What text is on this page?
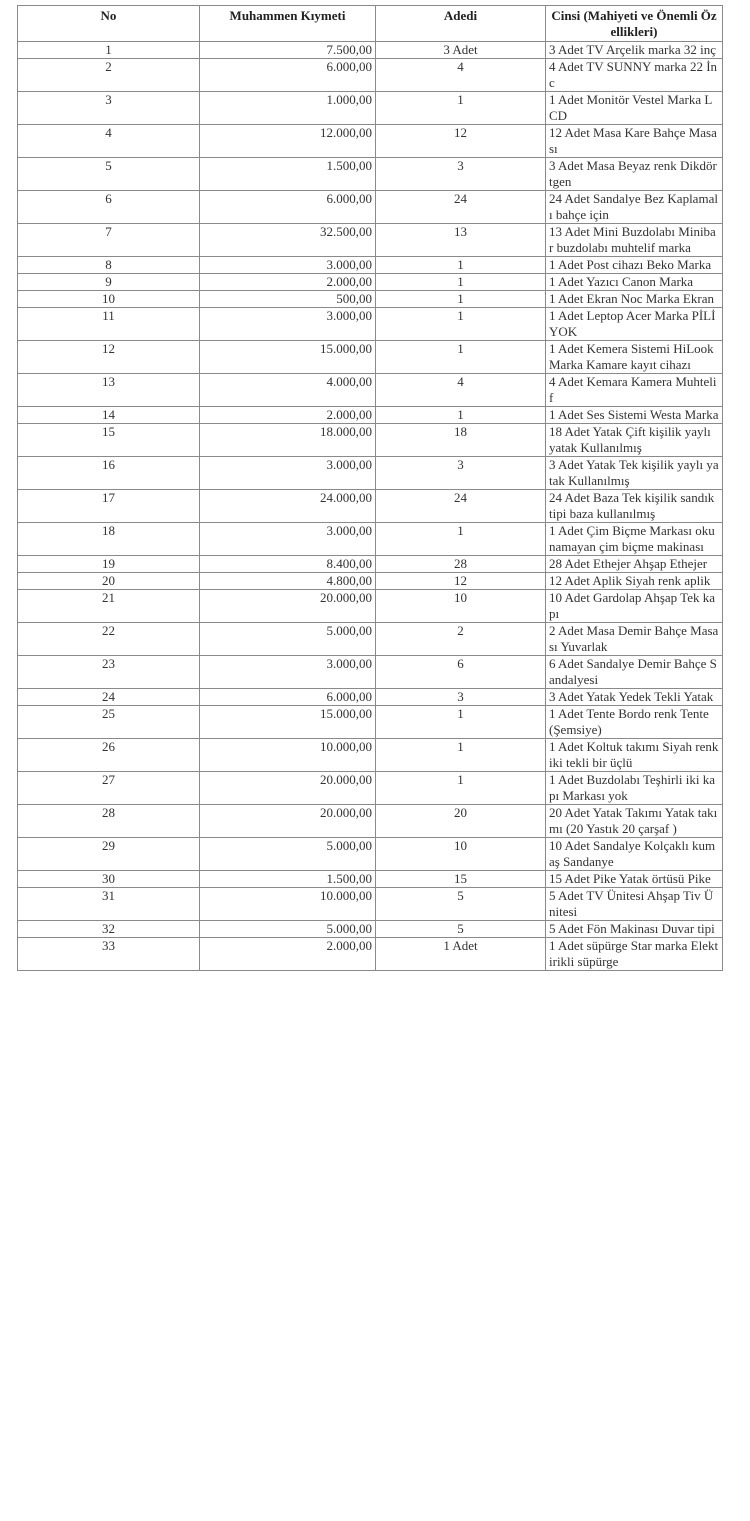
No	Muhammen Kıymeti	Adedi	Cinsi (Mahiyeti ve Önemli Özellikleri)
1	7.500,00	3 Adet	3 Adet TV Arçelik marka 32 inç
2	6.000,00	4	4 Adet TV SUNNY marka 22 İnc
3	1.000,00	1	1 Adet Monitör Vestel Marka LCD
4	12.000,00	12	12 Adet Masa Kare Bahçe Masası
5	1.500,00	3	3 Adet Masa Beyaz renk Dikdörtgen
6	6.000,00	24	24 Adet Sandalye Bez Kaplamalı bahçe için
7	32.500,00	13	13 Adet Mini Buzdolabı Minibar buzdolabı muhtelif marka
8	3.000,00	1	1 Adet Post cihazı Beko Marka
9	2.000,00	1	1 Adet Yazıcı Canon Marka
10	500,00	1	1 Adet Ekran Noc Marka Ekran
11	3.000,00	1	1 Adet Leptop Acer Marka PİLİ YOK
12	15.000,00	1	1 Adet Kemera Sistemi HiLook Marka Kamare kayıt cihazı
13	4.000,00	4	4 Adet Kemara Kamera Muhtelif
14	2.000,00	1	1 Adet Ses Sistemi Westa Marka
15	18.000,00	18	18 Adet Yatak Çift kişilik yaylı yatak Kullanılmış
16	3.000,00	3	3 Adet Yatak Tek kişilik yaylı yatak Kullanılmış
17	24.000,00	24	24 Adet Baza Tek kişilik sandık tipi baza kullanılmış
18	3.000,00	1	1 Adet Çim Biçme Markası okunamayan çim biçme makinası
19	8.400,00	28	28 Adet Ethejer Ahşap Ethejer
20	4.800,00	12	12 Adet Aplik Siyah renk aplik
21	20.000,00	10	10 Adet Gardolap Ahşap Tek kapı
22	5.000,00	2	2 Adet Masa Demir Bahçe Masası Yuvarlak
23	3.000,00	6	6 Adet Sandalye Demir Bahçe Sandalyesi
24	6.000,00	3	3 Adet Yatak Yedek Tekli Yatak
25	15.000,00	1	1 Adet Tente Bordo renk Tente (Şemsiye)
26	10.000,00	1	1 Adet Koltuk takımı Siyah renk iki tekli bir üçlü
27	20.000,00	1	1 Adet Buzdolabı Teşhirli iki kapı Markası yok
28	20.000,00	20	20 Adet Yatak Takımı Yatak takımı (20 Yastık 20 çarşaf )
29	5.000,00	10	10 Adet Sandalye Kolçaklı kumaş Sandanye
30	1.500,00	15	15 Adet Pike Yatak örtüsü Pike
31	10.000,00	5	5 Adet TV Ünitesi Ahşap Tiv Ünitesi
32	5.000,00	5	5 Adet Fön Makinası Duvar tipi
33	2.000,00	1 Adet	1 Adet süpürge Star marka Elektirikli süpürge
